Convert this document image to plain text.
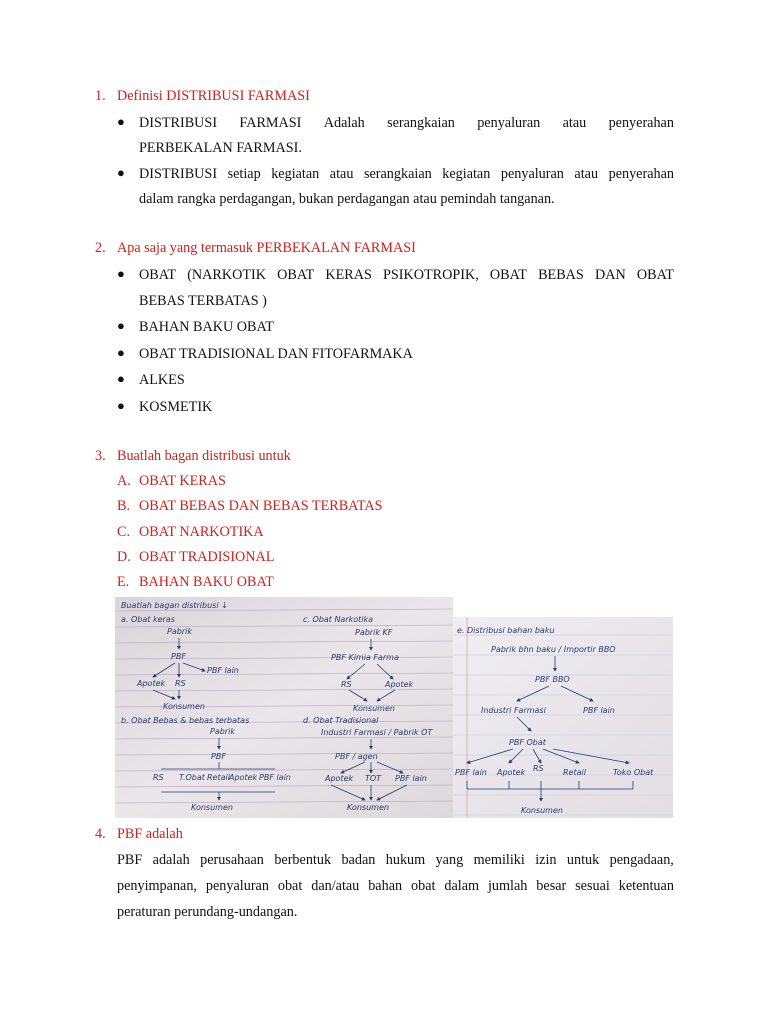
1. Definisi DISTRIBUSI FARMASI
● DISTRIBUSI FARMASI Adalah serangkaian penyaluran atau penyerahan
PERBEKALAN FARMASI.
● DISTRIBUSI setiap kegiatan atau serangkaian kegiatan penyaluran atau penyerahan
dalam rangka perdagangan, bukan perdagangan atau pemindah tanganan.
2. Apa saja yang termasuk PERBEKALAN FARMASI
● OBAT (NARKOTIK OBAT KERAS PSIKOTROPIK, OBAT BEBAS DAN OBAT
BEBAS TERBATAS )
● BAHAN BAKU OBAT
● OBAT TRADISIONAL DAN FITOFARMAKA
● ALKES
● KOSMETIK
3. Buatlah bagan distribusi untuk
A. OBAT KERAS
B. OBAT BEBAS DAN BEBAS TERBATAS
C. OBAT NARKOTIKA
D. OBAT TRADISIONAL
E. BAHAN BAKU OBAT
Buatlah bagan distribusi ↓
a. Obat keras
Pabrik
PBF
PBF lain
Apotek RS
Konsumen
b. Obat Bebas & bebas terbatas
Pabrik
PBF
RS T.Obat Retail Apotek PBF lain
Konsumen
c. Obat Narkotika
Pabrik KF
PBF Kimia Farma
RS	Apotek
Konsumen
d. Obat Tradisional
Industri Farmasi / Pabrik OT
PBF / agen
Apotek TOT PBF lain
Konsumen
e. Distribusi bahan baku
Pabrik bhn baku / Importir BBO
PBF BBO
Industri Farmasi	PBF lain
PBF Obat
PBF lain Apotek RS Retail	Toko Obat
Konsumen
4. PBF adalah
PBF adalah perusahaan berbentuk badan hukum yang memiliki izin untuk pengadaan,
penyimpanan, penyaluran obat dan/atau bahan obat dalam jumlah besar sesuai ketentuan
peraturan perundang-undangan.
